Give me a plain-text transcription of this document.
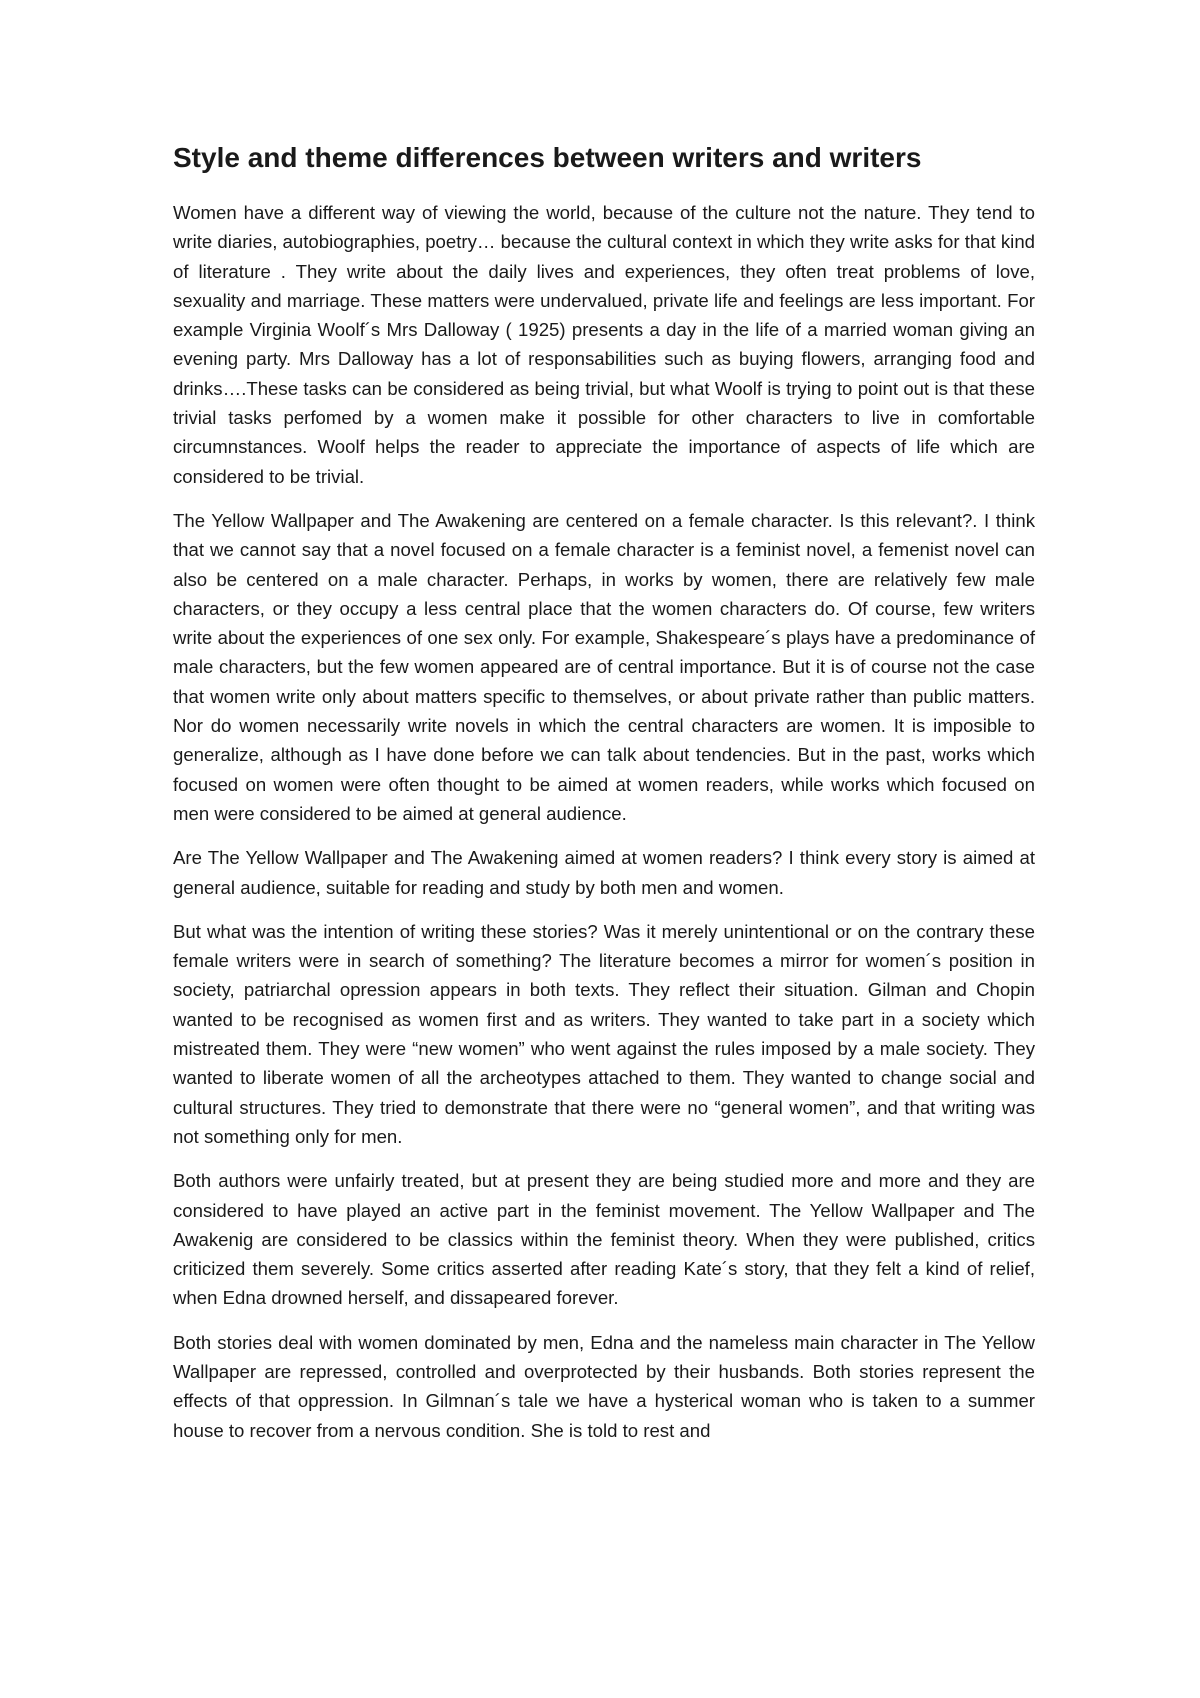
Style and theme differences between writers and writers

Women have a different way of viewing the world, because of the culture not the nature. They tend to write diaries, autobiographies, poetry… because the cultural context in which they write asks for that kind of literature . They write about the daily lives and experiences, they often treat problems of love, sexuality and marriage. These matters were undervalued, private life and feelings are less important. For example Virginia Woolf´s Mrs Dalloway ( 1925) presents a day in the life of a married woman giving an evening party. Mrs Dalloway has a lot of responsabilities such as buying flowers, arranging food and drinks….These tasks can be considered as being trivial, but what Woolf is trying to point out is that these trivial tasks perfomed by a women make it possible for other characters to live in comfortable circumnstances. Woolf helps the reader to appreciate the importance of aspects of life which are considered to be trivial.

The Yellow Wallpaper and The Awakening are centered on a female character. Is this relevant?. I think that we cannot say that a novel focused on a female character is a feminist novel, a femenist novel can also be centered on a male character. Perhaps, in works by women, there are relatively few male characters, or they occupy a less central place that the women characters do. Of course, few writers write about the experiences of one sex only. For example, Shakespeare´s plays have a predominance of male characters, but the few women appeared are of central importance. But it is of course not the case that women write only about matters specific to themselves, or about private rather than public matters. Nor do women necessarily write novels in which the central characters are women. It is imposible to generalize, although as I have done before we can talk about tendencies. But in the past, works which focused on women were often thought to be aimed at women readers, while works which focused on men were considered to be aimed at general audience.

Are The Yellow Wallpaper and The Awakening aimed at women readers? I think every story is aimed at general audience, suitable for reading and study by both men and women.

But what was the intention of writing these stories? Was it merely unintentional or on the contrary these female writers were in search of something? The literature becomes a mirror for women´s position in society, patriarchal opression appears in both texts. They reflect their situation. Gilman and Chopin wanted to be recognised as women first and as writers. They wanted to take part in a society which mistreated them. They were “new women” who went against the rules imposed by a male society. They wanted to liberate women of all the archeotypes attached to them. They wanted to change social and cultural structures. They tried to demonstrate that there were no “general women”, and that writing was not something only for men.

Both authors were unfairly treated, but at present they are being studied more and more and they are considered to have played an active part in the feminist movement. The Yellow Wallpaper and The Awakenig are considered to be classics within the feminist theory. When they were published, critics criticized them severely. Some critics asserted after reading Kate´s story, that they felt a kind of relief, when Edna drowned herself, and dissapeared forever.

Both stories deal with women dominated by men, Edna and the nameless main character in The Yellow Wallpaper are repressed, controlled and overprotected by their husbands. Both stories represent the effects of that oppression. In Gilmnan´s tale we have a hysterical woman who is taken to a summer house to recover from a nervous condition. She is told to rest and
